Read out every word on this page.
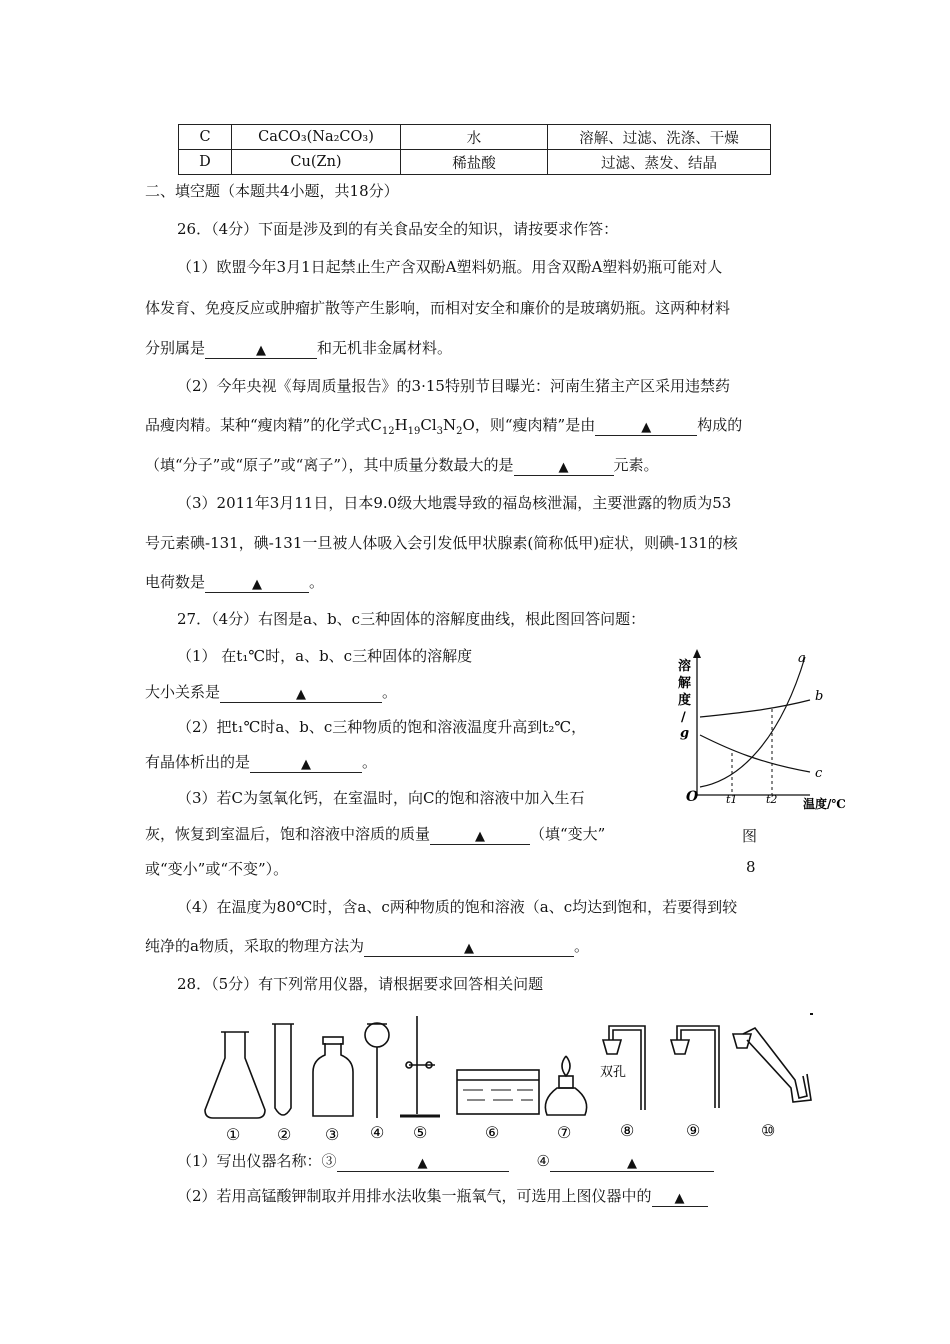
C	CaCO₃(Na₂CO₃)	水	溶解、过滤、洗涤、干燥
D	Cu(Zn)	稀盐酸	过滤、蒸发、结晶
二、填空题（本题共4小题，共18分）
26．（4分）下面是涉及到的有关食品安全的知识，请按要求作答：
（1）欧盟今年3月1日起禁止生产含双酚A塑料奶瓶。用含双酚A塑料奶瓶可能对人
体发育、免疫反应或肿瘤扩散等产生影响，而相对安全和廉价的是玻璃奶瓶。这两种材料
分别属是	▲	和无机非金属材料。
（2）今年央视《每周质量报告》的3·15特别节目曝光：河南生猪主产区采用违禁药
品瘦肉精。某种“瘦肉精”的化学式$C_{12}H_{19}Cl_3N_2O$，则“瘦肉精”是由	▲	构成的
（填“分子”或“原子”或“离子”），其中质量分数最大的是	▲	元素。
（3）2011年3月11日，日本9.0级大地震导致的福岛核泄漏，主要泄露的物质为53
号元素碘-131，碘-131一旦被人体吸入会引发低甲状腺素(简称低甲)症状，则碘-131的核
电荷数是	▲	。
27．（4分）右图是a、b、c三种固体的溶解度曲线，根此图回答问题：
（1） 在t₁℃时，a、b、c三种固体的溶解度
大小关系是	▲	。
（2）把t₁℃时a、b、c三种物质的饱和溶液温度升高到t₂℃，
有晶体析出的是	▲	。
（3）若C为氢氧化钙，在室温时，向C的饱和溶液中加入生石
灰，恢复到室温后，饱和溶液中溶质的质量	▲	（填“变大”
或“变小”或“不变”）。
（4）在温度为80℃时，含a、c两种物质的饱和溶液（a、c均达到饱和，若要得到较
纯净的a物质，采取的物理方法为	▲	。
溶
解
度
/
g
a
b
c
O	t1	t2 温度/℃
图
8
28．（5分）有下列常用仪器，请根据要求回答相关问题
双孔
① ② ③ ④ ⑤	⑥	⑦	⑧	⑨	⑩
（1）写出仪器名称：③	▲	④	▲
（2）若用高锰酸钾制取并用排水法收集一瓶氧气，可选用上图仪器中的 ▲
